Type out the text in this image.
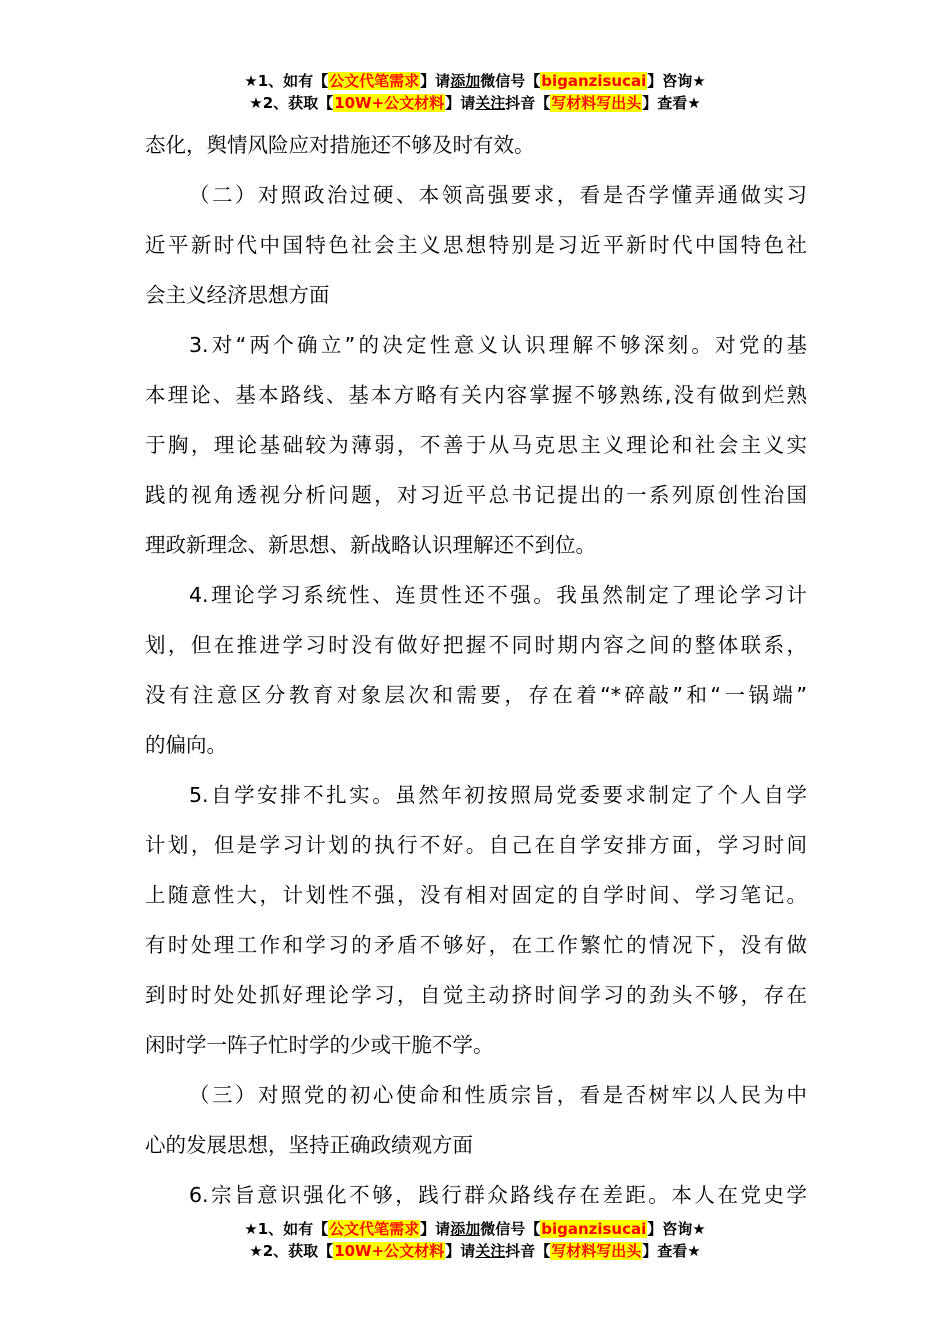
★1、如有【公文代笔需求】请添加微信号【biganzisucai】咨询★
★2、获取【10W+公文材料】请关注抖音【写材料写出头】查看★

态化，舆情风险应对措施还不够及时有效。

（二）对照政治过硬、本领高强要求，看是否学懂弄通做实习
近平新时代中国特色社会主义思想特别是习近平新时代中国特色社
会主义经济思想方面

3.对“两个确立”的决定性意义认识理解不够深刻。对党的基
本理论、基本路线、基本方略有关内容掌握不够熟练,没有做到烂熟
于胸，理论基础较为薄弱，不善于从马克思主义理论和社会主义实
践的视角透视分析问题，对习近平总书记提出的一系列原创性治国
理政新理念、新思想、新战略认识理解还不到位。

4.理论学习系统性、连贯性还不强。我虽然制定了理论学习计
划，但在推进学习时没有做好把握不同时期内容之间的整体联系，
没有注意区分教育对象层次和需要，存在着“*碎敲”和“一锅端”
的偏向。

5.自学安排不扎实。虽然年初按照局党委要求制定了个人自学
计划，但是学习计划的执行不好。自己在自学安排方面，学习时间
上随意性大，计划性不强，没有相对固定的自学时间、学习笔记。
有时处理工作和学习的矛盾不够好，在工作繁忙的情况下，没有做
到时时处处抓好理论学习，自觉主动挤时间学习的劲头不够，存在
闲时学一阵子忙时学的少或干脆不学。

（三）对照党的初心使命和性质宗旨，看是否树牢以人民为中
心的发展思想，坚持正确政绩观方面

6.宗旨意识强化不够，践行群众路线存在差距。本人在党史学

★1、如有【公文代笔需求】请添加微信号【biganzisucai】咨询★
★2、获取【10W+公文材料】请关注抖音【写材料写出头】查看★
